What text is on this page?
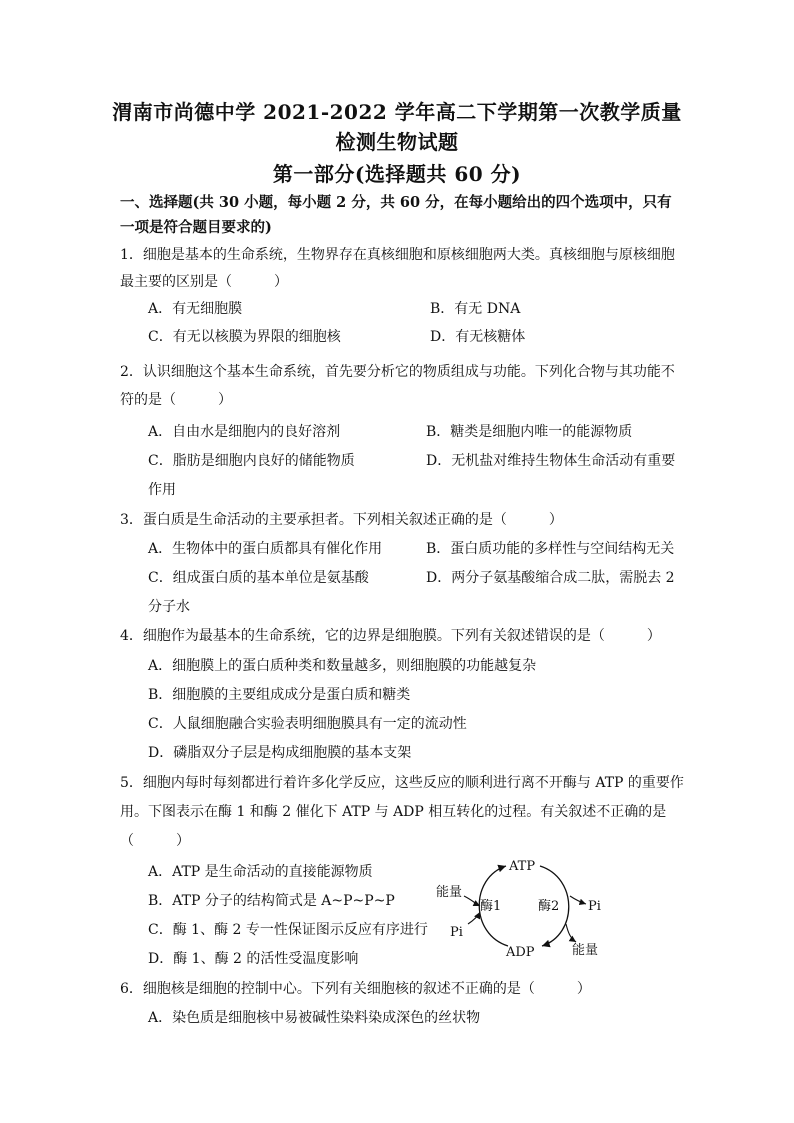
渭南市尚德中学 2021-2022 学年高二下学期第一次教学质量
检测生物试题
第一部分(选择题共 60 分)
一、选择题(共 30 小题，每小题 2 分，共 60 分，在每小题给出的四个选项中，只有一项是符合题目要求的)
1．细胞是基本的生命系统，生物界存在真核细胞和原核细胞两大类。真核细胞与原核细胞
最主要的区别是（　　　）
A．有无细胞膜	B．有无 DNA
C．有无以核膜为界限的细胞核	D．有无核糖体
2．认识细胞这个基本生命系统，首先要分析它的物质组成与功能。下列化合物与其功能不
符的是（　　　）
A．自由水是细胞内的良好溶剂	B．糖类是细胞内唯一的能源物质
C．脂肪是细胞内良好的储能物质	D．无机盐对维持生物体生命活动有重要
作用
3．蛋白质是生命活动的主要承担者。下列相关叙述正确的是（　　　）
A．生物体中的蛋白质都具有催化作用	B．蛋白质功能的多样性与空间结构无关
C．组成蛋白质的基本单位是氨基酸	D．两分子氨基酸缩合成二肽，需脱去 2
分子水
4．细胞作为最基本的生命系统，它的边界是细胞膜。下列有关叙述错误的是（　　　）
A．细胞膜上的蛋白质种类和数量越多，则细胞膜的功能越复杂
B．细胞膜的主要组成成分是蛋白质和糖类
C．人鼠细胞融合实验表明细胞膜具有一定的流动性
D．磷脂双分子层是构成细胞膜的基本支架
5．细胞内每时每刻都进行着许多化学反应，这些反应的顺利进行离不开酶与 ATP 的重要作
用。下图表示在酶 1 和酶 2 催化下 ATP 与 ADP 相互转化的过程。有关叙述不正确的是
（　　　）
A．ATP 是生命活动的直接能源物质
B．ATP 分子的结构简式是 A~P~P~P
C．酶 1、酶 2 专一性保证图示反应有序进行
D．酶 1、酶 2 的活性受温度影响
ATP
ADP
能量
Pi
酶1	酶2 Pi
能量
6．细胞核是细胞的控制中心。下列有关细胞核的叙述不正确的是（　　　）
A．染色质是细胞核中易被碱性染料染成深色的丝状物
